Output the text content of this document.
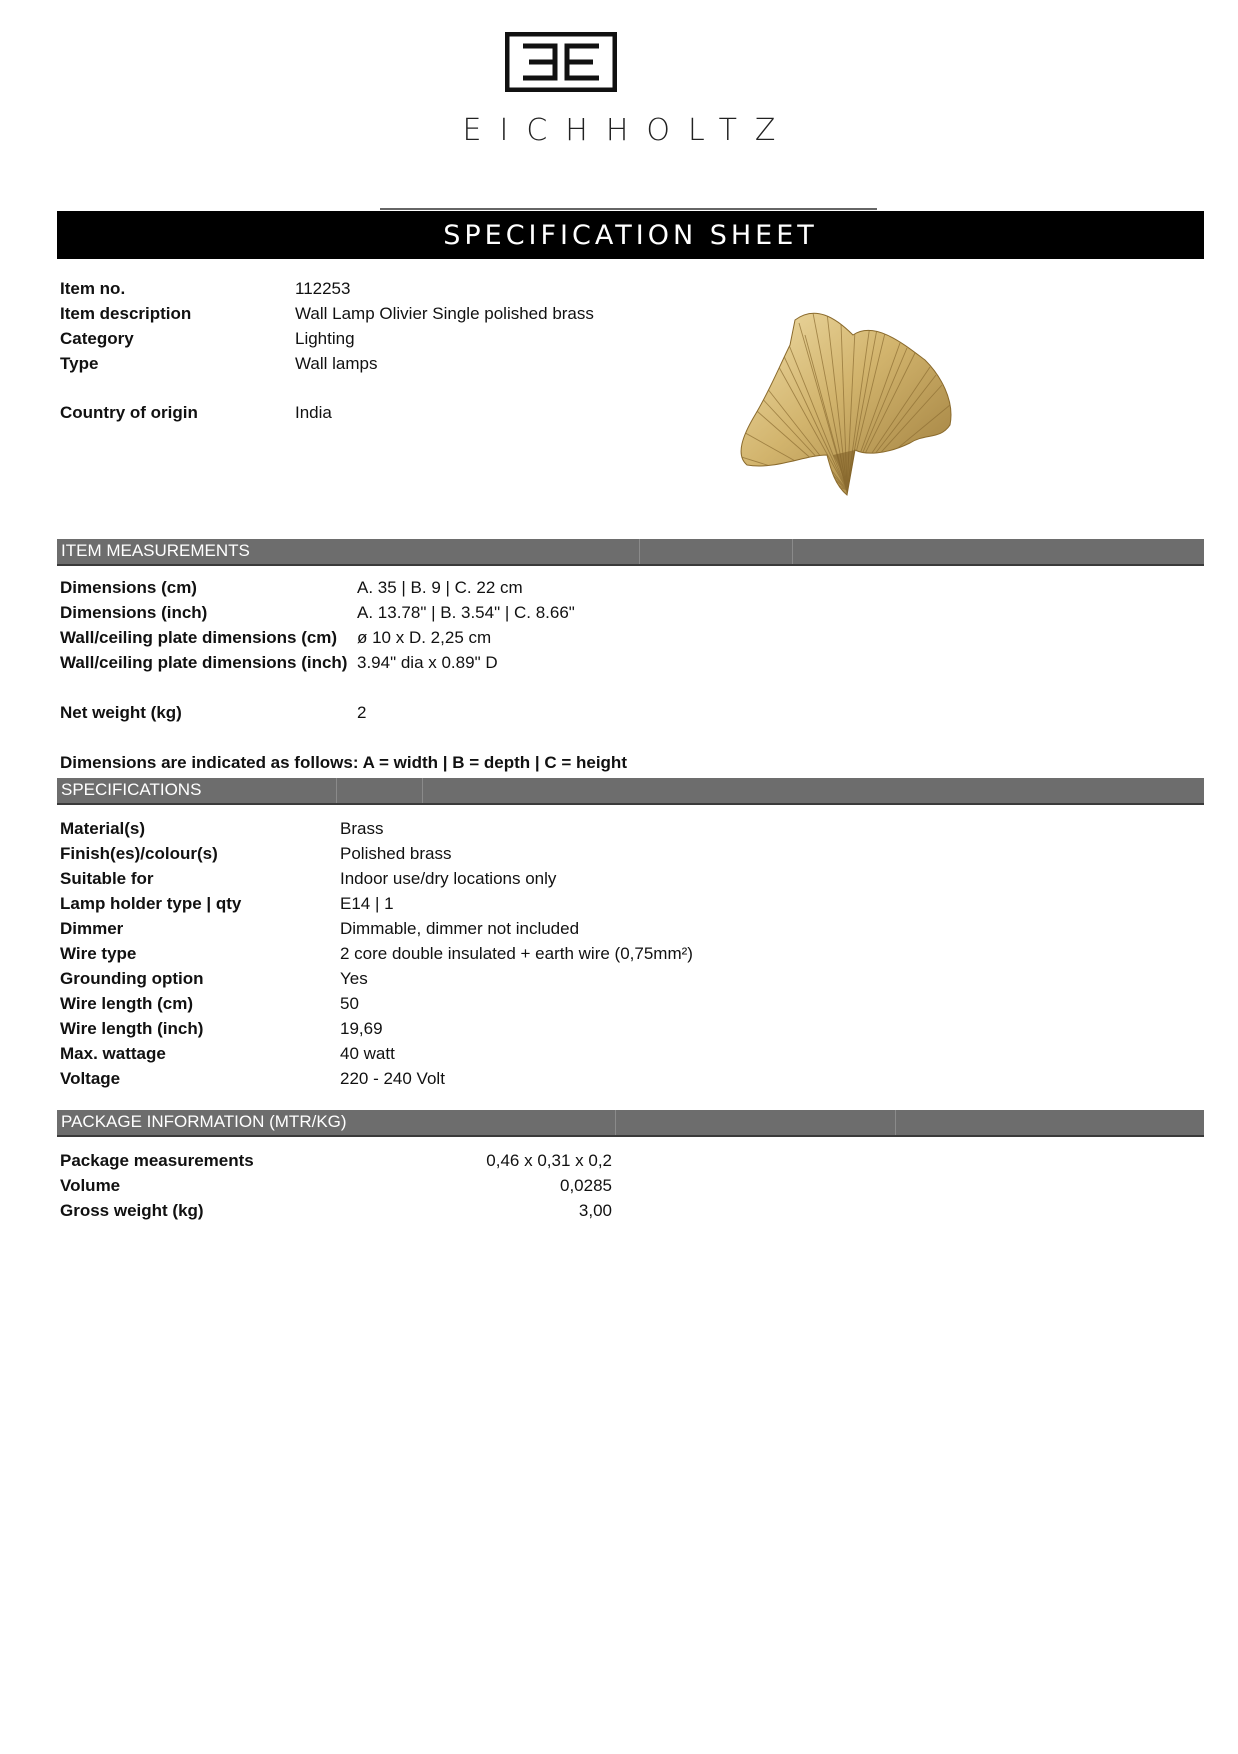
EICHHOLTZ
SPECIFICATION SHEET
Item no.	112253
Item description	Wall Lamp Olivier Single polished brass
Category	Lighting
Type	Wall lamps
Country of origin	India
ITEM MEASUREMENTS
Dimensions (cm)	A. 35 | B. 9 | C. 22 cm
Dimensions (inch)	A. 13.78" | B. 3.54" | C. 8.66"
Wall/ceiling plate dimensions (cm) ø 10 x D. 2,25 cm
Wall/ceiling plate dimensions (inch) 3.94" dia x 0.89" D
Net weight (kg)	2
Dimensions are indicated as follows: A = width | B = depth | C = height
SPECIFICATIONS
Material(s)	Brass
Finish(es)/colour(s)	Polished brass
Suitable for	Indoor use/dry locations only
Lamp holder type | qty	E14 | 1
Dimmer	Dimmable, dimmer not included
Wire type	2 core double insulated + earth wire (0,75mm²)
Grounding option	Yes
Wire length (cm)	50
Wire length (inch)	19,69
Max. wattage	40 watt
Voltage	220 - 240 Volt
PACKAGE INFORMATION (MTR/KG)
Package measurements	0,46 x 0,31 x 0,2
Volume	0,0285
Gross weight (kg)	3,00
